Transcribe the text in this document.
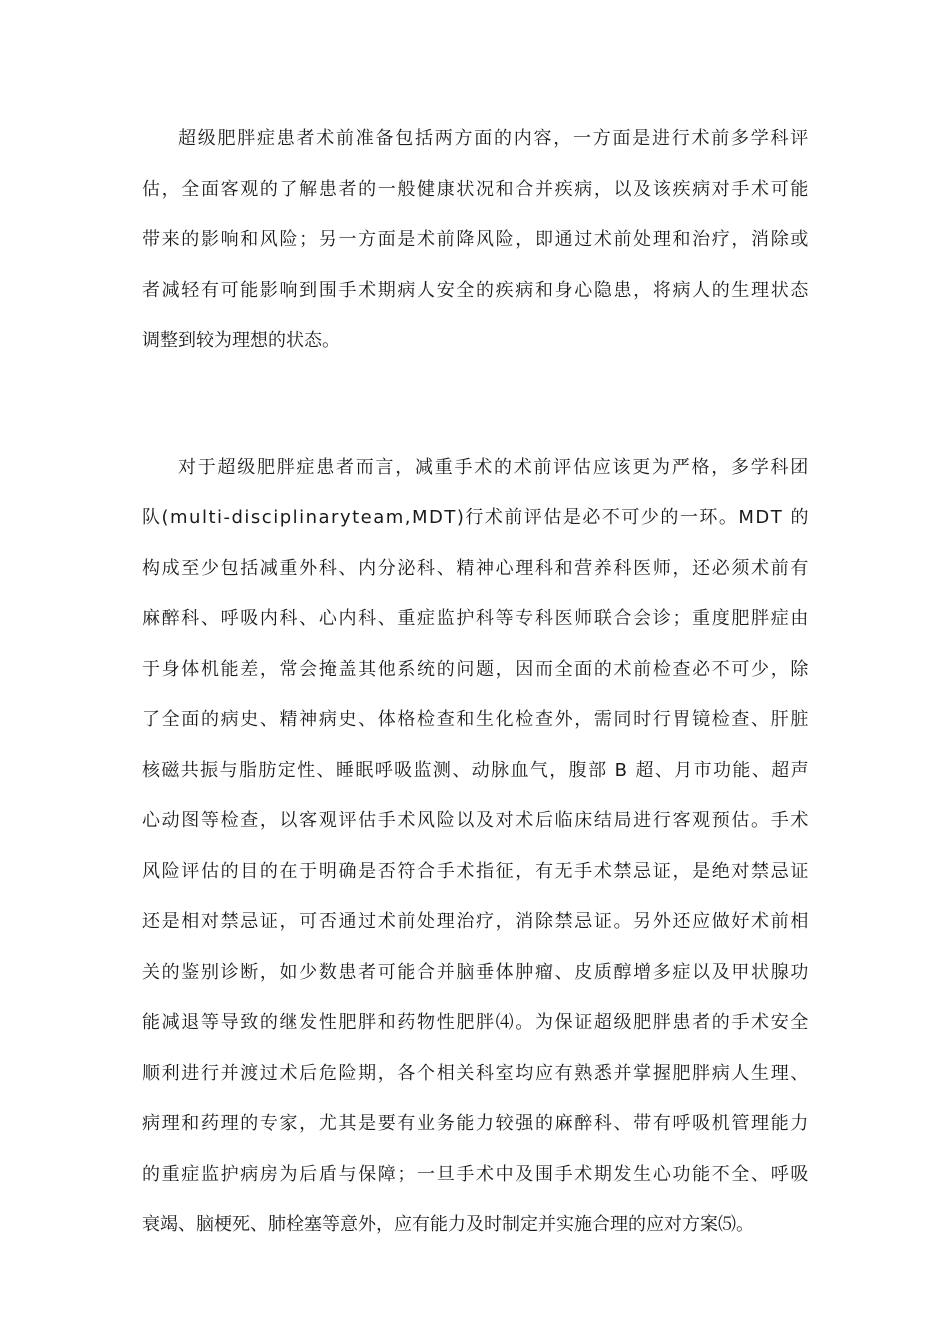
超级肥胖症患者术前准备包括两方面的内容，一方面是进行术前多学科评
估，全面客观的了解患者的一般健康状况和合并疾病，以及该疾病对手术可能
带来的影响和风险；另一方面是术前降风险，即通过术前处理和治疗，消除或
者减轻有可能影响到围手术期病人安全的疾病和身心隐患，将病人的生理状态
调整到较为理想的状态。
对于超级肥胖症患者而言，减重手术的术前评估应该更为严格，多学科团
队(multi-disciplinaryteam,MDT)行术前评估是必不可少的一环。MDT 的
构成至少包括减重外科、内分泌科、精神心理科和营养科医师，还必须术前有
麻醉科、呼吸内科、心内科、重症监护科等专科医师联合会诊；重度肥胖症由
于身体机能差，常会掩盖其他系统的问题，因而全面的术前检查必不可少，除
了全面的病史、精神病史、体格检查和生化检查外，需同时行胃镜检查、肝脏
核磁共振与脂肪定性、睡眠呼吸监测、动脉血气，腹部 B 超、月市功能、超声
心动图等检查，以客观评估手术风险以及对术后临床结局进行客观预估。手术
风险评估的目的在于明确是否符合手术指征，有无手术禁忌证，是绝对禁忌证
还是相对禁忌证，可否通过术前处理治疗，消除禁忌证。另外还应做好术前相
关的鉴别诊断，如少数患者可能合并脑垂体肿瘤、皮质醇增多症以及甲状腺功
能减退等导致的继发性肥胖和药物性肥胖⑷。为保证超级肥胖患者的手术安全
顺利进行并渡过术后危险期，各个相关科室均应有熟悉并掌握肥胖病人生理、
病理和药理的专家，尤其是要有业务能力较强的麻醉科、带有呼吸机管理能力
的重症监护病房为后盾与保障；一旦手术中及围手术期发生心功能不全、呼吸
衰竭、脑梗死、肺栓塞等意外，应有能力及时制定并实施合理的应对方案⑸。
